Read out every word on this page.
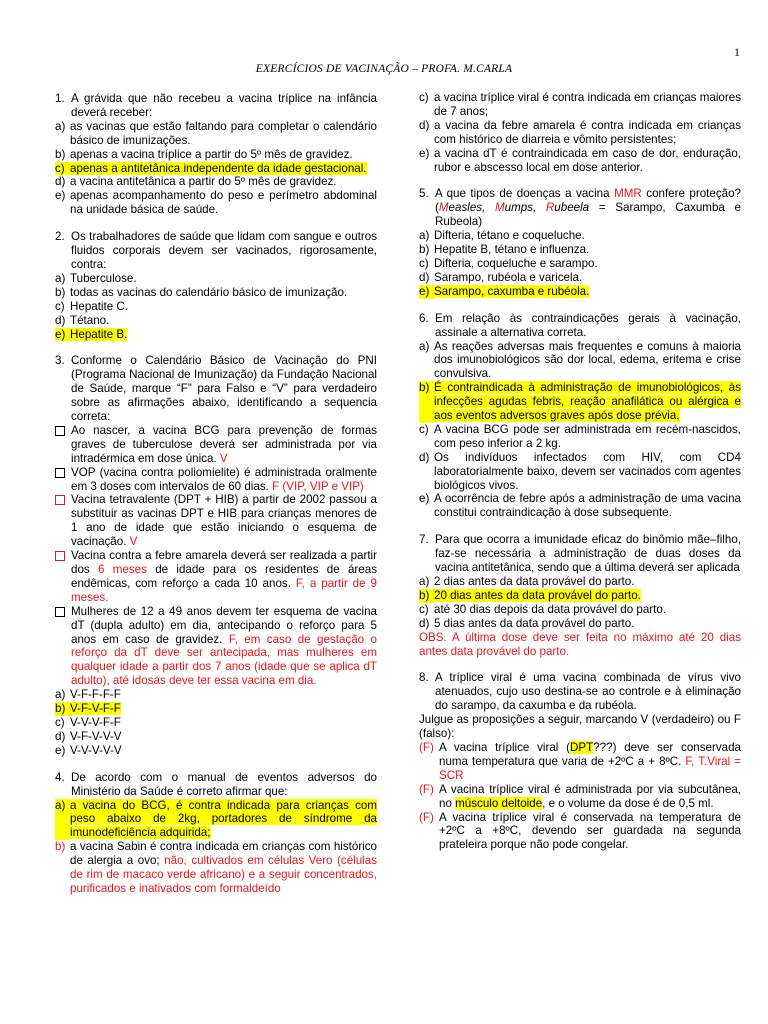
1
EXERCÍCIOS DE VACINAÇÃO – PROFA. M.CARLA
1. A grávida que não recebeu a vacina tríplice na infância deverá receber:
a) as vacinas que estão faltando para completar o calendário básico de imunizações.
b) apenas a vacina tríplice a partir do 5º mês de gravidez.
c) apenas a antitetânica independente da idade gestacional.
d) a vacina antitetânica a partir do 5º mês de gravidez.
e) apenas acompanhamento do peso e perímetro abdominal na unidade básica de saúde.
2. Os trabalhadores de saúde que lidam com sangue e outros fluidos corporais devem ser vacinados, rigorosamente, contra:
a) Tuberculose.
b) todas as vacinas do calendário básico de imunização.
c) Hepatite C.
d) Tétano.
e) Hepatite B.
3. Conforme o Calendário Básico de Vacinação do PNI (Programa Nacional de Imunização) da Fundação Nacional de Saúde, marque “F” para Falso e “V” para verdadeiro sobre as afirmações abaixo, identificando a sequencia correta:
Ao nascer, a vacina BCG para prevenção de formas graves de tuberculose deverá ser administrada por via intradérmica em dose única. V
VOP (vacina contra poliomielite) é administrada oralmente em 3 doses com intervalos de 60 dias. F (VIP, VIP e VIP)
Vacina tetravalente (DPT + HIB) a partir de 2002 passou a substituir as vacinas DPT e HIB para crianças menores de 1 ano de idade que estão iniciando o esquema de vacinação. V
Vacina contra a febre amarela deverá ser realizada a partir dos 6 meses de idade para os residentes de áreas endêmicas, com reforço a cada 10 anos. F, a partir de 9 meses.
Mulheres de 12 a 49 anos devem ter esquema de vacina dT (dupla adulto) em dia, antecipando o reforço para 5 anos em caso de gravidez. F, em caso de gestação o reforço da dT deve ser antecipada, mas mulheres em qualquer idade a partir dos 7 anos (idade que se aplica dT adulto), até idosas deve ter essa vacina em dia.
a) V-F-F-F-F
b) V-F-V-F-F
c) V-V-V-F-F
d) V-F-V-V-V
e) V-V-V-V-V
4. De acordo com o manual de eventos adversos do Ministério da Saúde é correto afirmar que:
a) a vacina do BCG, é contra indicada para crianças com peso abaixo de 2kg, portadores de síndrome da imunodeficiência adquirida;
b) a vacina Sabin é contra indicada em crianças com histórico de alergia a ovo; não, cultivados em células Vero (células de rim de macaco verde africano) e a seguir concentrados, purificados e inativados com formaldeído
c) a vacina tríplice viral é contra indicada em crianças maiores de 7 anos;
d) a vacina da febre amarela é contra indicada em crianças com histórico de diarreia e vômito persistentes;
e) a vacina dT é contraindicada em caso de dor, enduração, rubor e abscesso local em dose anterior.
5. A que tipos de doenças a vacina MMR confere proteção? (Measles, Mumps, Rubeela = Sarampo, Caxumba e Rubeola)
a) Difteria, tétano e coqueluche.
b) Hepatite B, tétano e influenza.
c) Difteria, coqueluche e sarampo.
d) Sarampo, rubéola e varicela.
e) Sarampo, caxumba e rubéola.
6. Em relação às contraindicações gerais à vacinação, assinale a alternativa correta.
a) As reações adversas mais frequentes e comuns à maioria dos imunobiológicos são dor local, edema, eritema e crise convulsiva.
b) É contraindicada à administração de imunobiológicos, às infecções agudas febris, reação anafilática ou alérgica e aos eventos adversos graves após dose prévia.
c) A vacina BCG pode ser administrada em recém-nascidos, com peso inferior a 2 kg.
d) Os indivíduos infectados com HIV, com CD4 laboratorialmente baixo, devem ser vacinados com agentes biológicos vivos.
e) A ocorrência de febre após a administração de uma vacina constitui contraindicação à dose subsequente.
7. Para que ocorra a imunidade eficaz do binômio mãe–filho, faz-se necessária a administração de duas doses da vacina antitetânica, sendo que a última deverá ser aplicada
a) 2 dias antes da data provável do parto.
b) 20 dias antes da data provável do parto.
c) até 30 dias depois da data provável do parto.
d) 5 dias antes da data provável do parto.
OBS. A última dose deve ser feita no máximo até 20 dias antes data provável do parto.
8. A tríplice viral é uma vacina combinada de vírus vivo atenuados, cujo uso destina-se ao controle e à eliminação do sarampo, da caxumba e da rubéola.
Julgue as proposições a seguir, marcando V (verdadeiro) ou F (falso):
(F) A vacina tríplice viral (DPT???) deve ser conservada numa temperatura que varia de +2ºC a + 8ºC. F, T.Viral = SCR
(F) A vacina tríplice viral é administrada por via subcutânea, no músculo deltoide, e o volume da dose é de 0,5 ml.
(F) A vacina tríplice viral é conservada na temperatura de +2ºC a +8ºC, devendo ser guardada na segunda prateleira porque não pode congelar.
